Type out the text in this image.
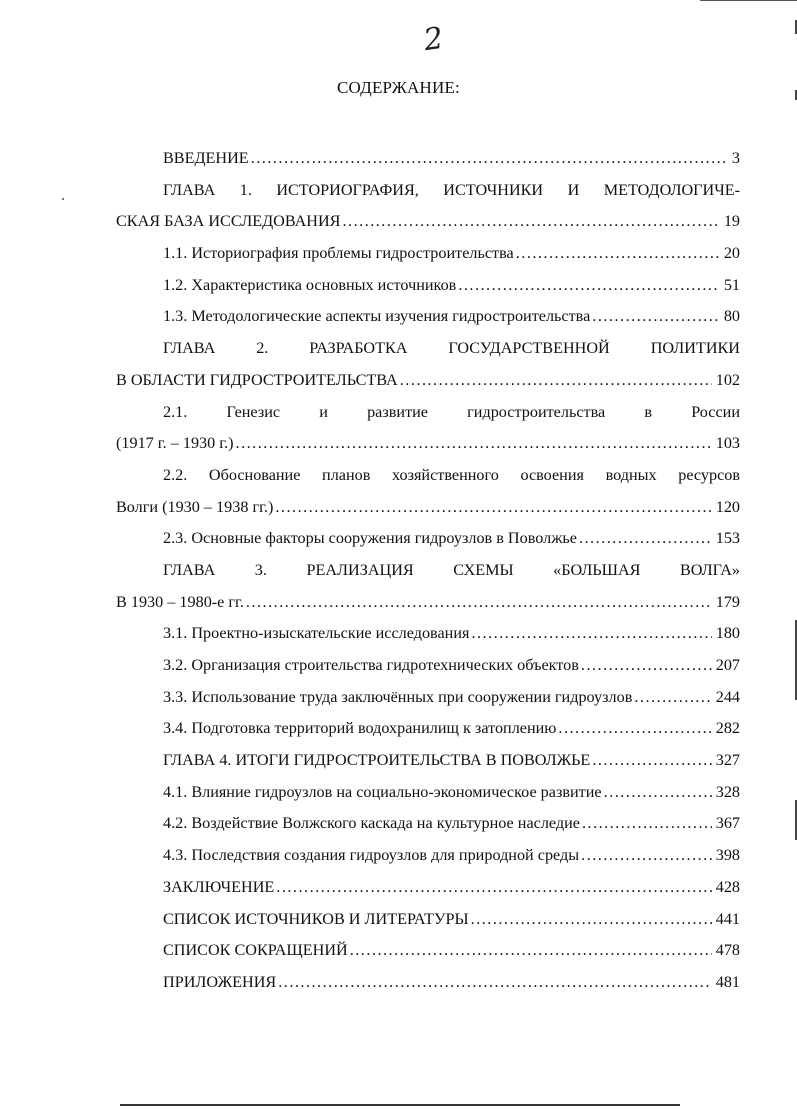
2
СОДЕРЖАНИЕ:
ВВЕДЕНИЕ .....	3
ГЛАВА 1. ИСТОРИОГРАФИЯ, ИСТОЧНИКИ И МЕТОДОЛОГИЧЕ-
СКАЯ БАЗА ИССЛЕДОВАНИЯ .....	19
1.1. Историография проблемы гидростроительства .....	20
1.2. Характеристика основных источников .....	51
1.3. Методологические аспекты изучения гидростроительства .....	80
ГЛАВА 2. РАЗРАБОТКА ГОСУДАРСТВЕННОЙ ПОЛИТИКИ
В ОБЛАСТИ ГИДРОСТРОИТЕЛЬСТВА .....	102
2.1. Генезис и развитие гидростроительства в России
(1917 г. – 1930 г.) .....	103
2.2. Обоснование планов хозяйственного освоения водных ресурсов
Волги (1930 – 1938 гг.) .....	120
2.3. Основные факторы сооружения гидроузлов в Поволжье .....	153
ГЛАВА 3. РЕАЛИЗАЦИЯ СХЕМЫ «БОЛЬШАЯ ВОЛГА»
В 1930 – 1980-е гг. .....	179
3.1. Проектно-изыскательские исследования .....	180
3.2. Организация строительства гидротехнических объектов .....	207
3.3. Использование труда заключённых при сооружении гидроузлов .....	244
3.4. Подготовка территорий водохранилищ к затоплению .....	282
ГЛАВА 4. ИТОГИ ГИДРОСТРОИТЕЛЬСТВА В ПОВОЛЖЬЕ .....	327
4.1. Влияние гидроузлов на социально-экономическое развитие .....	328
4.2. Воздействие Волжского каскада на культурное наследие .....	367
4.3. Последствия создания гидроузлов для природной среды .....	398
ЗАКЛЮЧЕНИЕ .....	428
СПИСОК ИСТОЧНИКОВ И ЛИТЕРАТУРЫ .....	441
СПИСОК СОКРАЩЕНИЙ .....	478
ПРИЛОЖЕНИЯ .....	481
